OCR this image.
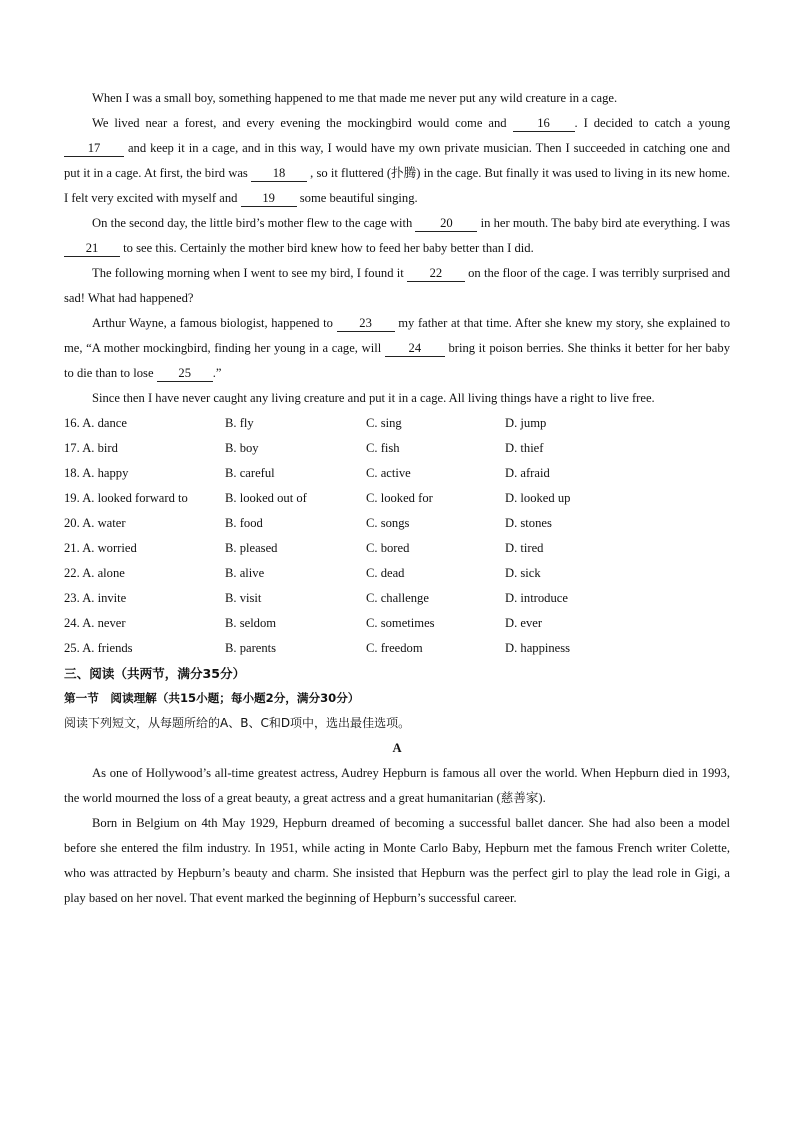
When I was a small boy, something happened to me that made me never put any wild creature in a cage.

We lived near a forest, and every evening the mockingbird would come and 16 . I decided to catch a young 17 and keep it in a cage, and in this way, I would have my own private musician. Then I succeeded in catching one and put it in a cage. At first, the bird was 18 , so it fluttered (扑腾) in the cage. But finally it was used to living in its new home. I felt very excited with myself and 19 some beautiful singing.

On the second day, the little bird’s mother flew to the cage with 20 in her mouth. The baby bird ate everything. I was 21 to see this. Certainly the mother bird knew how to feed her baby better than I did.

The following morning when I went to see my bird, I found it 22 on the floor of the cage. I was terribly surprised and sad! What had happened?

Arthur Wayne, a famous biologist, happened to 23 my father at that time. After she knew my story, she explained to me, “A mother mockingbird, finding her young in a cage, will 24 bring it poison berries. She thinks it better for her baby to die than to lose 25 .”

Since then I have never caught any living creature and put it in a cage. All living things have a right to live free.

16. A. dance	B. fly	C. sing	D. jump
17. A. bird	B. boy	C. fish	D. thief
18. A. happy	B. careful	C. active	D. afraid
19. A. looked forward to	B. looked out of	C. looked for	D. looked up
20. A. water	B. food	C. songs	D. stones
21. A. worried	B. pleased	C. bored	D. tired
22. A. alone	B. alive	C. dead	D. sick
23. A. invite	B. visit	C. challenge	D. introduce
24. A. never	B. seldom	C. sometimes	D. ever
25. A. friends	B. parents	C. freedom	D. happiness

三、阅读（共两节，满分35分）

第一节　阅读理解（共15小题；每小题2分，满分30分）

阅读下列短文，从每题所给的A、B、C和D项中，选出最佳选项。

A

As one of Hollywood’s all-time greatest actress, Audrey Hepburn is famous all over the world. When Hepburn died in 1993, the world mourned the loss of a great beauty, a great actress and a great humanitarian (慈善家).

Born in Belgium on 4th May 1929, Hepburn dreamed of becoming a successful ballet dancer. She had also been a model before she entered the film industry. In 1951, while acting in Monte Carlo Baby, Hepburn met the famous French writer Colette, who was attracted by Hepburn’s beauty and charm. She insisted that Hepburn was the perfect girl to play the lead role in Gigi, a play based on her novel. That event marked the beginning of Hepburn’s successful career.
